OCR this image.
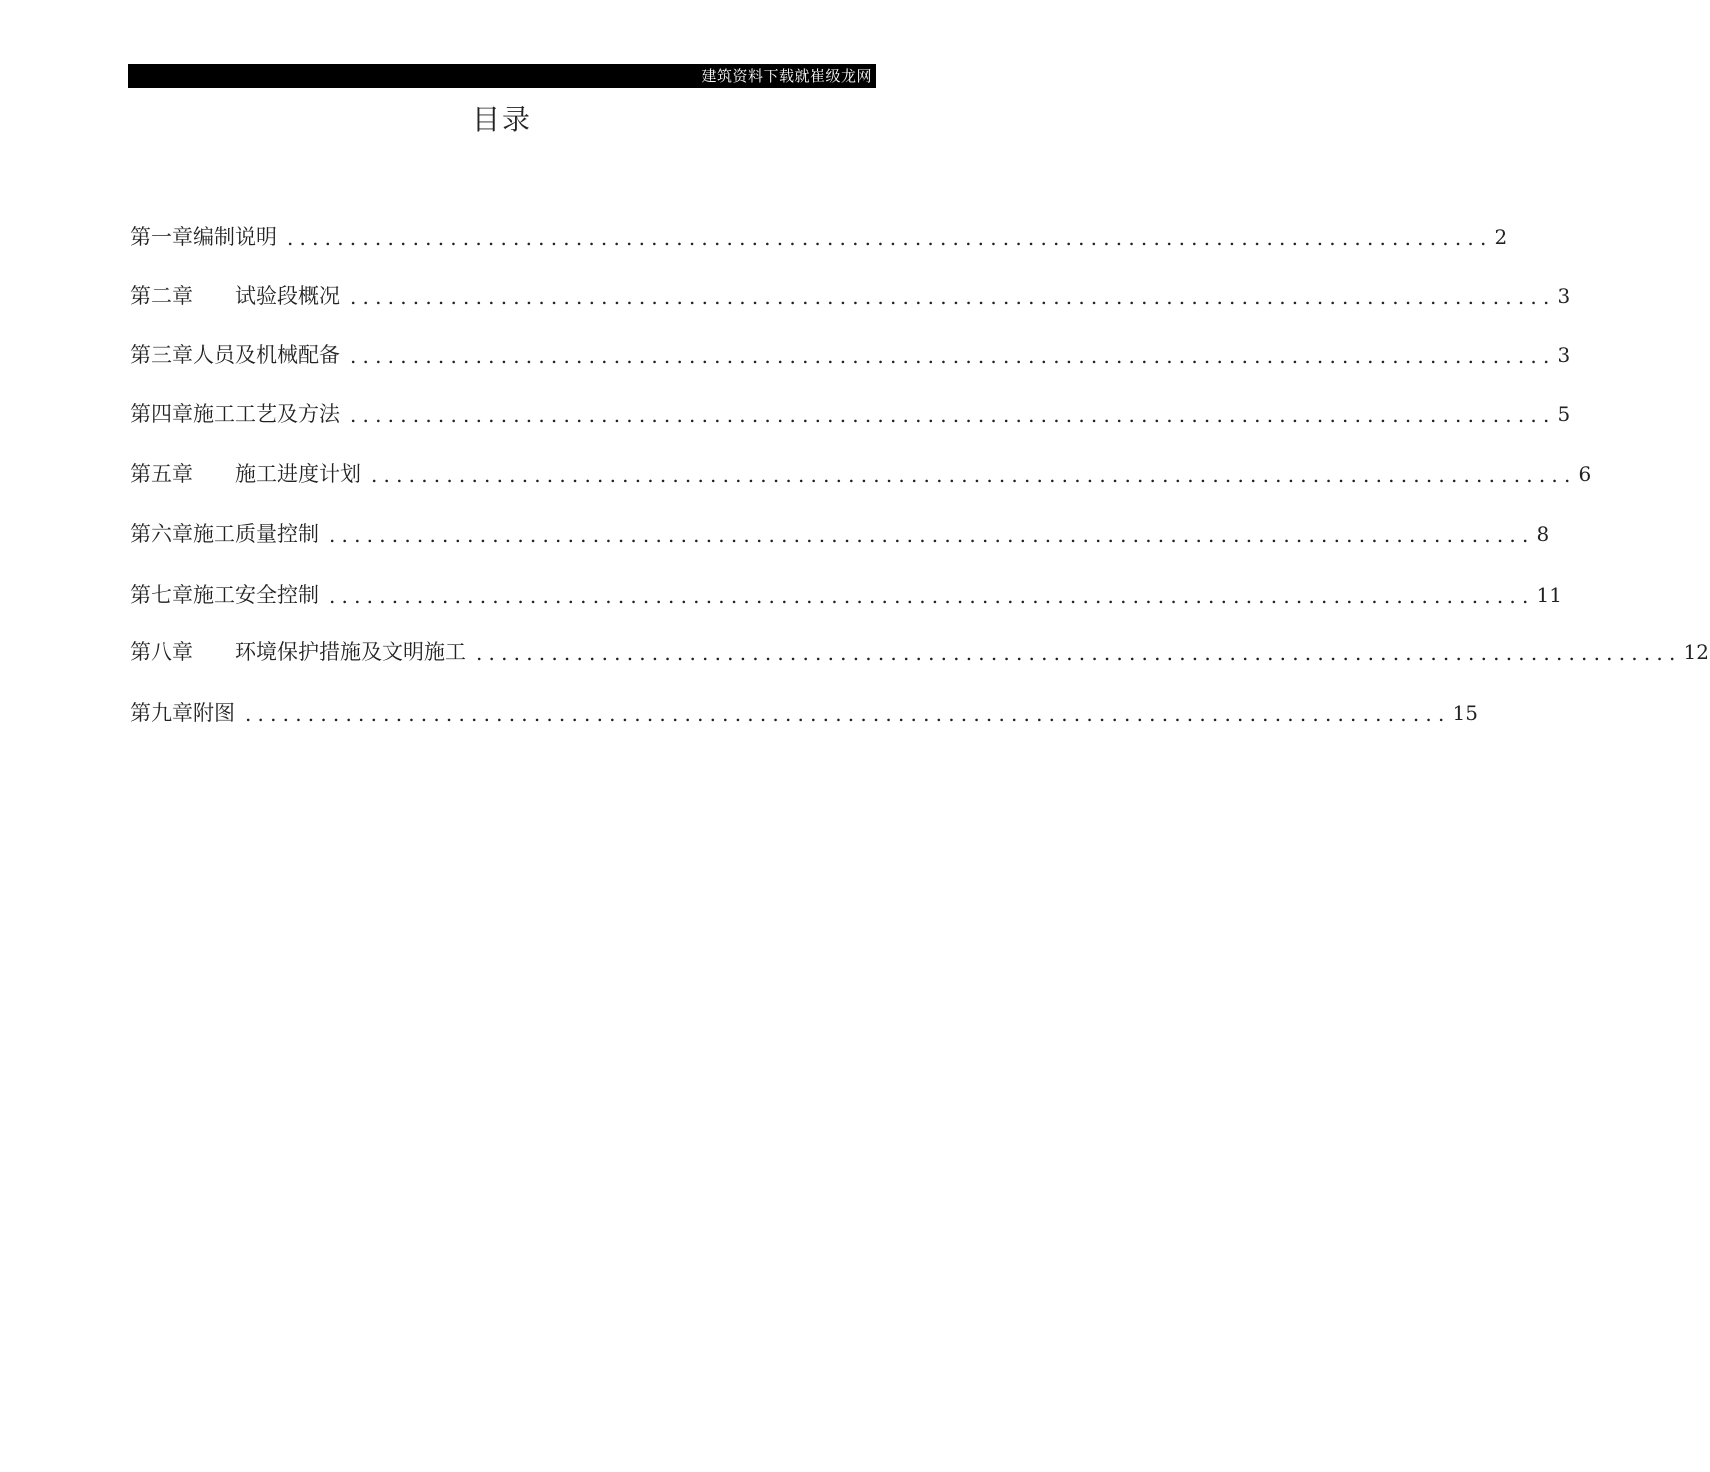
建筑资料下载就崔级龙网
目录
第一章编制说明 ................................................................................................ 2
第二章　　试验段概况 ................................................................................................ 3
第三章人员及机械配备 ................................................................................................ 3
第四章施工工艺及方法 ................................................................................................ 5
第五章　　施工进度计划 ................................................................................................ 6
第六章施工质量控制 ................................................................................................ 8
第七章施工安全控制 ................................................................................................ 11
第八章　　环境保护措施及文明施工 ................................................................................................ 12
第九章附图 ................................................................................................ 15
